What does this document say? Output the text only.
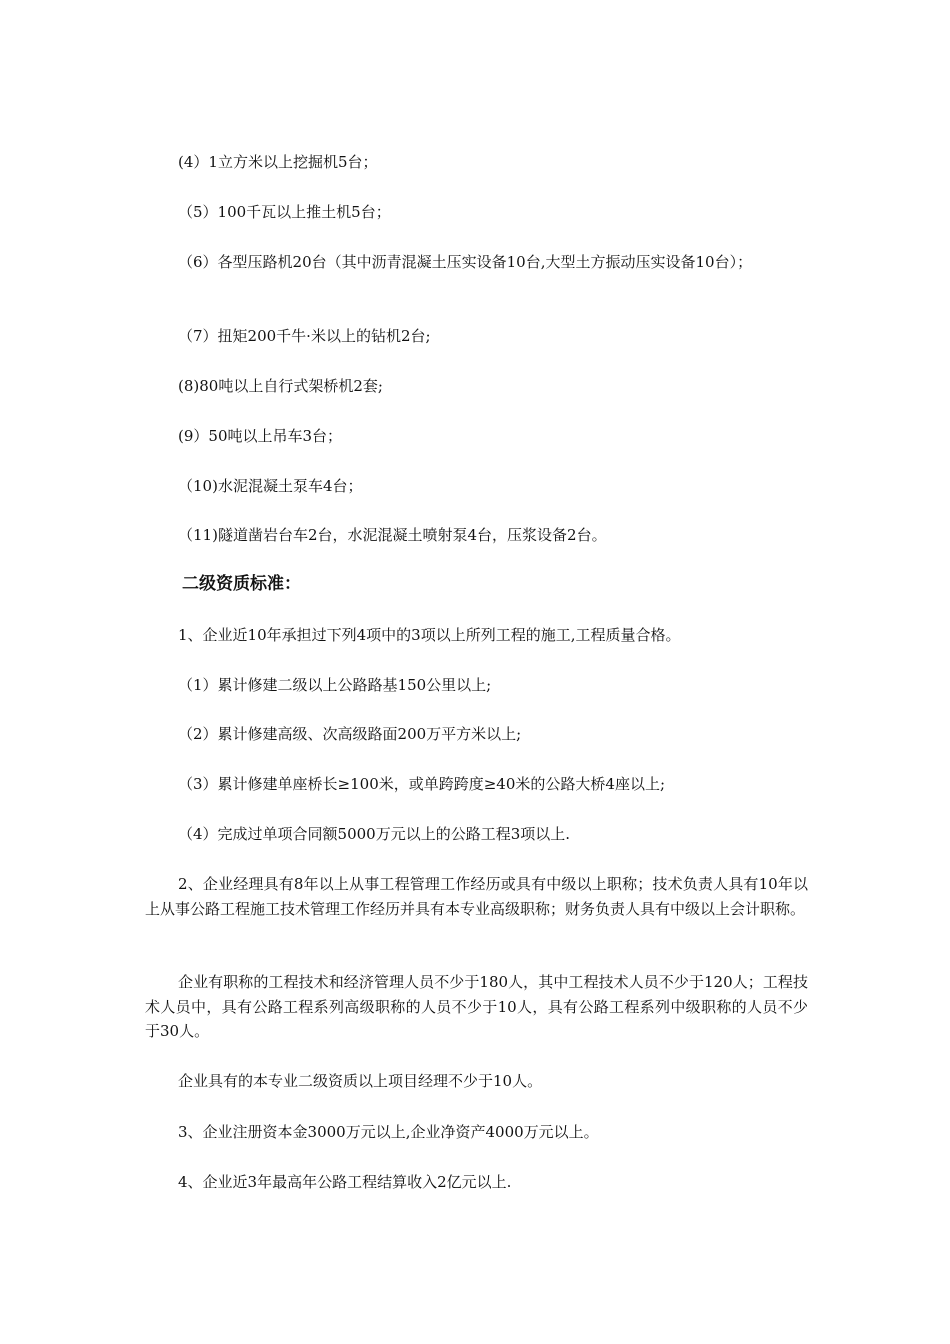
(4）1立方米以上挖掘机5台；

（5）100千瓦以上推土机5台；

（6）各型压路机20台（其中沥青混凝土压实设备10台,大型土方振动压实设备10台）；

（7）扭矩200千牛·米以上的钻机2台;

(8)80吨以上自行式架桥机2套;

(9）50吨以上吊车3台；

（10)水泥混凝土泵车4台；

（11)隧道凿岩台车2台，水泥混凝土喷射泵4台，压浆设备2台。

二级资质标准：

1、企业近10年承担过下列4项中的3项以上所列工程的施工,工程质量合格。

（1）累计修建二级以上公路路基150公里以上;

（2）累计修建高级、次高级路面200万平方米以上;

（3）累计修建单座桥长≥100米，或单跨跨度≥40米的公路大桥4座以上;

（4）完成过单项合同额5000万元以上的公路工程3项以上.

2、企业经理具有8年以上从事工程管理工作经历或具有中级以上职称；技术负责人具有10年以上从事公路工程施工技术管理工作经历并具有本专业高级职称；财务负责人具有中级以上会计职称。

企业有职称的工程技术和经济管理人员不少于180人，其中工程技术人员不少于120人；工程技术人员中，具有公路工程系列高级职称的人员不少于10人，具有公路工程系列中级职称的人员不少于30人。

企业具有的本专业二级资质以上项目经理不少于10人。

3、企业注册资本金3000万元以上,企业净资产4000万元以上。

4、企业近3年最高年公路工程结算收入2亿元以上.
